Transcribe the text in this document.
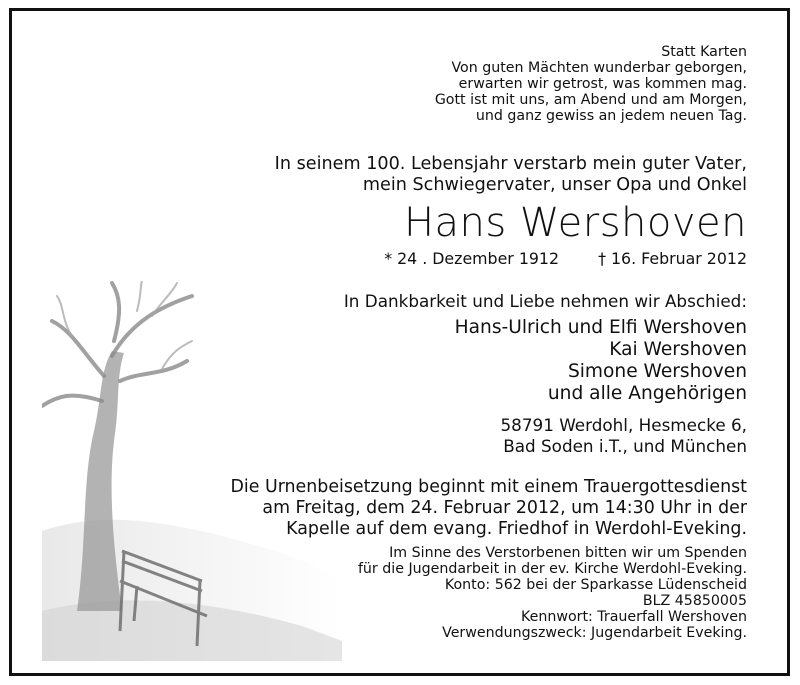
Statt Karten
Von guten Mächten wunderbar geborgen,
erwarten wir getrost, was kommen mag.
Gott ist mit uns, am Abend und am Morgen,
und ganz gewiss an jedem neuen Tag.
In seinem 100. Lebensjahr verstarb mein guter Vater,
mein Schwiegervater, unser Opa und Onkel
Hans Wershoven
* 24 . Dezember 1912 † 16. Februar 2012
In Dankbarkeit und Liebe nehmen wir Abschied:
Hans-Ulrich und Elfi Wershoven
Kai Wershoven
Simone Wershoven
und alle Angehörigen
58791 Werdohl, Hesmecke 6,
Bad Soden i.T., und München
Die Urnenbeisetzung beginnt mit einem Trauergottesdienst
am Freitag, dem 24. Februar 2012, um 14:30 Uhr in der
Kapelle auf dem evang. Friedhof in Werdohl-Eveking.
Im Sinne des Verstorbenen bitten wir um Spenden
für die Jugendarbeit in der ev. Kirche Werdohl-Eveking.
Konto: 562 bei der Sparkasse Lüdenscheid
BLZ 45850005
Kennwort: Trauerfall Wershoven
Verwendungszweck: Jugendarbeit Eveking.
